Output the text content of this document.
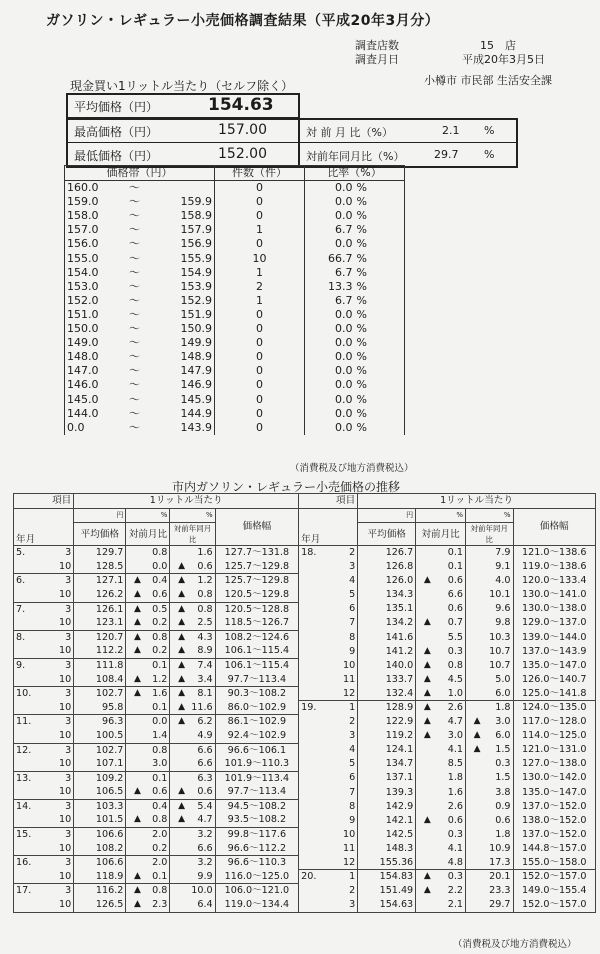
ガソリン・レギュラー小売価格調査結果（平成20年3月分）
調査店数	15　店
調査月日	平成20年3月5日
小樽市 市民部 生活安全課
現金買い1リットル当たり（セルフ除く）
平均価格（円）	154.63
最高価格（円）	157.00
最低価格（円）	152.00
対 前 月 比（%）	2.1 %
対前年同月比（%）	29.7 %
価格帯（円）			件数（件）	比率（%）	
160.0	〜		0	0.0	%
159.0	〜	159.9	0	0.0	%
158.0	〜	158.9	0	0.0	%
157.0	〜	157.9	1	6.7	%
156.0	〜	156.9	0	0.0	%
155.0	〜	155.9	10	66.7	%
154.0	〜	154.9	1	6.7	%
153.0	〜	153.9	2	13.3	%
152.0	〜	152.9	1	6.7	%
151.0	〜	151.9	0	0.0	%
150.0	〜	150.9	0	0.0	%
149.0	〜	149.9	0	0.0	%
148.0	〜	148.9	0	0.0	%
147.0	〜	147.9	0	0.0	%
146.0	〜	146.9	0	0.0	%
145.0	〜	145.9	0	0.0	%
144.0	〜	144.9	0	0.0	%
0.0	〜	143.9	0	0.0	%
（消費税及び地方消費税込）
市内ガソリン・レギュラー小売価格の推移
項目		1リットル当たり						項目		1リットル当たり					
年月		円	%		%		価格幅	年月		円	%		%		価格幅
		平均価格	対前月比		対前年同月比					平均価格	対前月比		対前年同月比		
5.	3	129.7		0.8		1.6	127.7〜131.8	18.	2	126.7		0.1		7.9	121.0〜138.6
	10	128.5		0.0	▲	0.6	125.7〜129.8		3	126.8		0.1		9.1	119.0〜138.6
6.	3	127.1	▲	0.4	▲	1.2	125.7〜129.8		4	126.0	▲	0.6		4.0	120.0〜133.4
	10	126.2	▲	0.6	▲	0.8	120.5〜129.8		5	134.3		6.6		10.1	130.0〜141.0
7.	3	126.1	▲	0.5	▲	0.8	120.5〜128.8		6	135.1		0.6		9.6	130.0〜138.0
	10	123.1	▲	0.2	▲	2.5	118.5〜126.7		7	134.2	▲	0.7		9.8	129.0〜137.0
8.	3	120.7	▲	0.8	▲	4.3	108.2〜124.6		8	141.6		5.5		10.3	139.0〜144.0
	10	112.2	▲	0.2	▲	8.9	106.1〜115.4		9	141.2	▲	0.3		10.7	137.0〜143.9
9.	3	111.8		0.1	▲	7.4	106.1〜115.4		10	140.0	▲	0.8		10.7	135.0〜147.0
	10	108.4	▲	1.2	▲	3.4	97.7〜113.4		11	133.7	▲	4.5		5.0	126.0〜140.7
10.	3	102.7	▲	1.6	▲	8.1	90.3〜108.2		12	132.4	▲	1.0		6.0	125.0〜141.8
	10	95.8		0.1	▲	11.6	86.0〜102.9	19.	1	128.9	▲	2.6		1.8	124.0〜135.0
11.	3	96.3		0.0	▲	6.2	86.1〜102.9		2	122.9	▲	4.7	▲	3.0	117.0〜128.0
	10	100.5		1.4		4.9	92.4〜102.9		3	119.2	▲	3.0	▲	6.0	114.0〜125.0
12.	3	102.7		0.8		6.6	96.6〜106.1		4	124.1		4.1	▲	1.5	121.0〜131.0
	10	107.1		3.0		6.6	101.9〜110.3		5	134.7		8.5		0.3	127.0〜138.0
13.	3	109.2		0.1		6.3	101.9〜113.4		6	137.1		1.8		1.5	130.0〜142.0
	10	106.5	▲	0.6	▲	0.6	97.7〜113.4		7	139.3		1.6		3.8	135.0〜147.0
14.	3	103.3		0.4	▲	5.4	94.5〜108.2		8	142.9		2.6		0.9	137.0〜152.0
	10	101.5	▲	0.8	▲	4.7	93.5〜108.2		9	142.1	▲	0.6		0.6	138.0〜152.0
15.	3	106.6		2.0		3.2	99.8〜117.6		10	142.5		0.3		1.8	137.0〜152.0
	10	108.2		0.2		6.6	96.6〜112.2		11	148.3		4.1		10.9	144.8〜157.0
16.	3	106.6		2.0		3.2	96.6〜110.3		12	155.36		4.8		17.3	155.0〜158.0
	10	118.9	▲	0.1		9.9	116.0〜125.0	20.	1	154.83	▲	0.3		20.1	152.0〜157.0
17.	3	116.2	▲	0.8		10.0	106.0〜121.0		2	151.49	▲	2.2		23.3	149.0〜155.4
	10	126.5	▲	2.3		6.4	119.0〜134.4		3	154.63		2.1		29.7	152.0〜157.0
（消費税及び地方消費税込）
